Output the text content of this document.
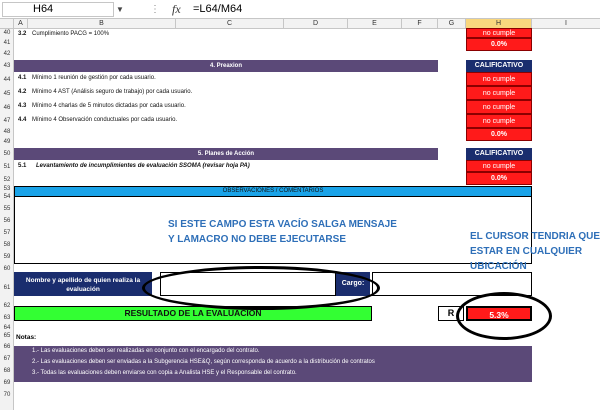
H64	▼	⋮ fx	=L64/M64
A	B	C	D	E	F	G	H	I
40
41
42
43
44
45
46
47
48
49
50
51
52
53
54
55
56
57
58
59
60
61
62
63
64
65
66
67
68
69
70
3.2 Cumplimiento PACG = 100%	no cumple
0.0%
4. Preaxion	CALIFICATIVO
4.1 Mínimo 1 reunión de gestión por cada usuario.	no cumple
4.2 Mínimo 4 AST (Análisis seguro de trabajo) por cada usuario.	no cumple
4.3 Mínimo 4 charlas de 5 minutos dictadas por cada usuario.	no cumple
4.4 Mínimo 4 Observación conductuales por cada usuario.	no cumple
0.0%
5. Planes de Acción	CALIFICATIVO
5.1 Levantamiento de incumplimientes de evaluación SSOMA (revisar hoja PA)	no cumple
0.0%
OBSERVACIONES / COMENTARIOS
SI ESTE CAMPO ESTA VACÍO SALGA MENSAJE Y LAMACRO NO DEBE EJECUTARSE	EL CURSOR TENDRIA QUE ESTAR EN CUALQUIER UBICACIÓN
Nombre y apellido de quien realiza la evaluación
Cargo:
RESULTADO DE LA EVALUACION	R	5.3%
Notas:
1.- Las evaluaciones deben ser realizadas en conjunto con el encargado del contrato.
2.- Las evaluaciones deben ser enviadas a la Subgerencia HSE&Q, según corresponda de acuerdo a la distribución de contratos
3.- Todas las evaluaciones deben enviarse con copia a Analista HSE y el Responsable del contrato.
